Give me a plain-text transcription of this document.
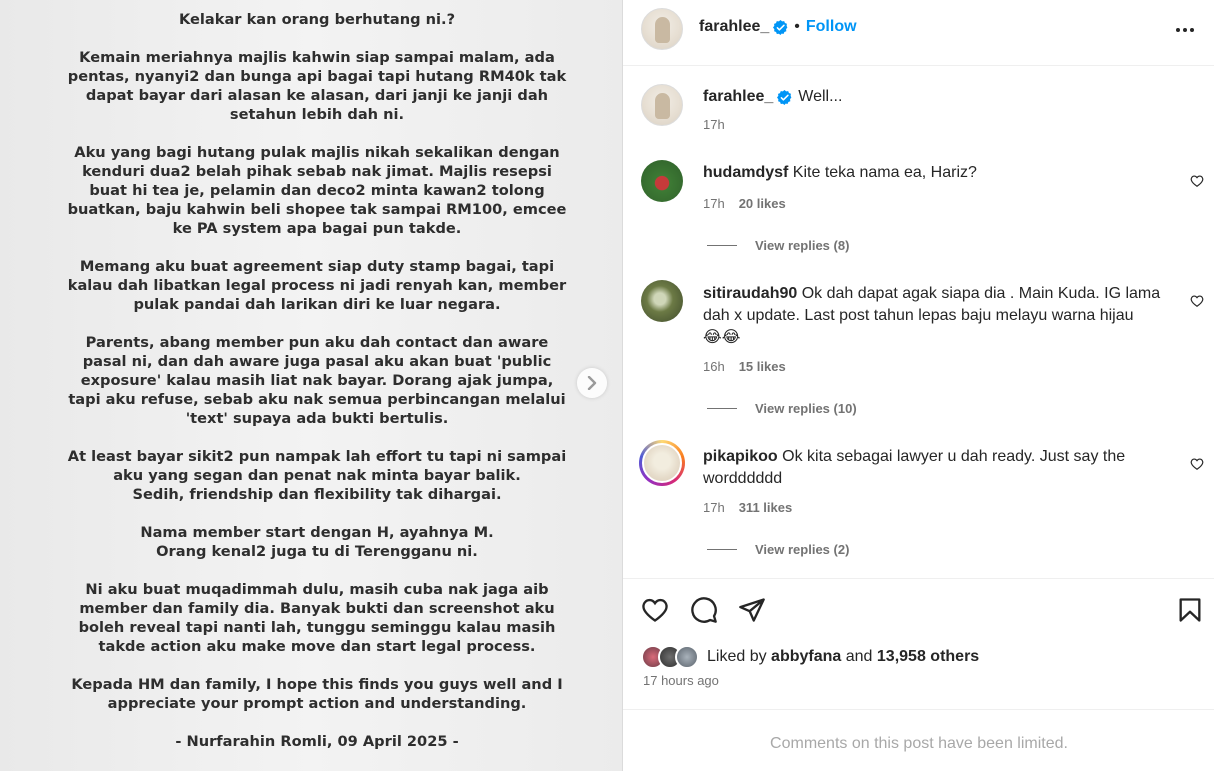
Kelakar kan orang berhutang ni.?

Kemain meriahnya majlis kahwin siap sampai malam, ada
pentas, nyanyi2 dan bunga api bagai tapi hutang RM40k tak
dapat bayar dari alasan ke alasan, dari janji ke janji dah
setahun lebih dah ni.

Aku yang bagi hutang pulak majlis nikah sekalikan dengan
kenduri dua2 belah pihak sebab nak jimat. Majlis resepsi
buat hi tea je, pelamin dan deco2 minta kawan2 tolong
buatkan, baju kahwin beli shopee tak sampai RM100, emcee
ke PA system apa bagai pun takde.

Memang aku buat agreement siap duty stamp bagai, tapi
kalau dah libatkan legal process ni jadi renyah kan, member
pulak pandai dah larikan diri ke luar negara.

Parents, abang member pun aku dah contact dan aware
pasal ni, dan dah aware juga pasal aku akan buat 'public
exposure' kalau masih liat nak bayar. Dorang ajak jumpa,
tapi aku refuse, sebab aku nak semua perbincangan melalui
'text' supaya ada bukti bertulis.

At least bayar sikit2 pun nampak lah effort tu tapi ni sampai
aku yang segan dan penat nak minta bayar balik.
Sedih, friendship dan flexibility tak dihargai.

Nama member start dengan H, ayahnya M.
Orang kenal2 juga tu di Terengganu ni.

Ni aku buat muqadimmah dulu, masih cuba nak jaga aib
member dan family dia. Banyak bukti dan screenshot aku
boleh reveal tapi nanti lah, tunggu seminggu kalau masih
takde action aku make move dan start legal process.

Kepada HM dan family, I hope this finds you guys well and I
appreciate your prompt action and understanding.

- Nurfarahin Romli, 09 April 2025 -

farahlee_ • Follow
farahlee_ Well...
17h
hudamdysf Kite teka nama ea, Hariz?
17h 20 likes
View replies (8)
sitiraudah90 Ok dah dapat agak siapa dia . Main Kuda. IG lama dah x update. Last post tahun lepas baju melayu warna hijau
😂😂
16h 15 likes
View replies (10)
pikapikoo Ok kita sebagai lawyer u dah ready. Just say the wordddddd
17h 311 likes
View replies (2)
Liked by abbyfana and 13,958 others
17 hours ago
Comments on this post have been limited.
